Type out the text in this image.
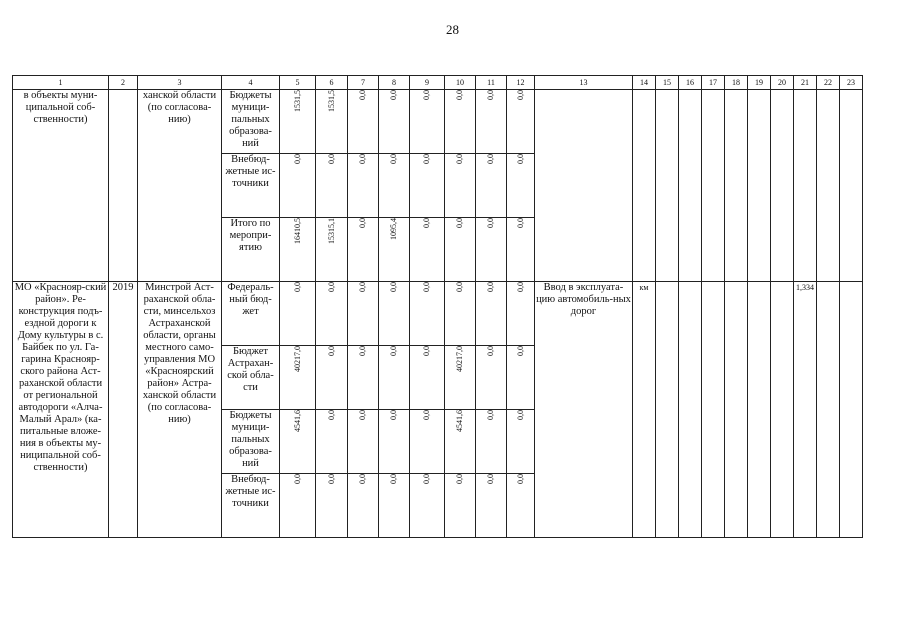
28
1	2	3	4	5	6	7	8	9	10	11	12	13	14	15	16	17	18	19	20	21	22	23
в объекты муни-ципальной соб-ственности)		ханской области (по согласова-нию)	Бюджеты муници-пальных образова-ний	1531,5	1531,5	0,0	0,0	0,0	0,0	0,0	0,0											
			Внебюд-жетные ис-точники	0,0	0,0	0,0	0,0	0,0	0,0	0,0	0,0											
			Итого по меропри-ятию	16410,5	15315,1	0,0	1095,4	0,0	0,0	0,0	0,0											
МО «Краснояр-ский район». Ре-конструкция подъ-ездной дороги к Дому культуры в с. Байбек по ул. Га-гарина Краснояр-ского района Аст-раханской области от региональной автодороги «Алча-Малый Арал» (ка-питальные вложе-ния в объекты му-ниципальной соб-ственности)	2019	Минстрой Аст-раханской обла-сти, минсельхоз Астраханской области, органы местного само-управления МО «Красноярский район» Астра-ханской области (по согласова-нию)	Федераль-ный бюд-жет	0,0	0,0	0,0	0,0	0,0	0,0	0,0	0,0	Ввод в эксплуата-цию автомобиль-ных дорог	км							1,334		
			Бюджет Астрахан-ской обла-сти	40217,0	0,0	0,0	0,0	0,0	40217,0	0,0	0,0											
			Бюджеты муници-пальных образова-ний	4541,6	0,0	0,0	0,0	0,0	4541,6	0,0	0,0											
			Внебюд-жетные ис-точники	0,0	0,0	0,0	0,0	0,0	0,0	0,0	0,0											
